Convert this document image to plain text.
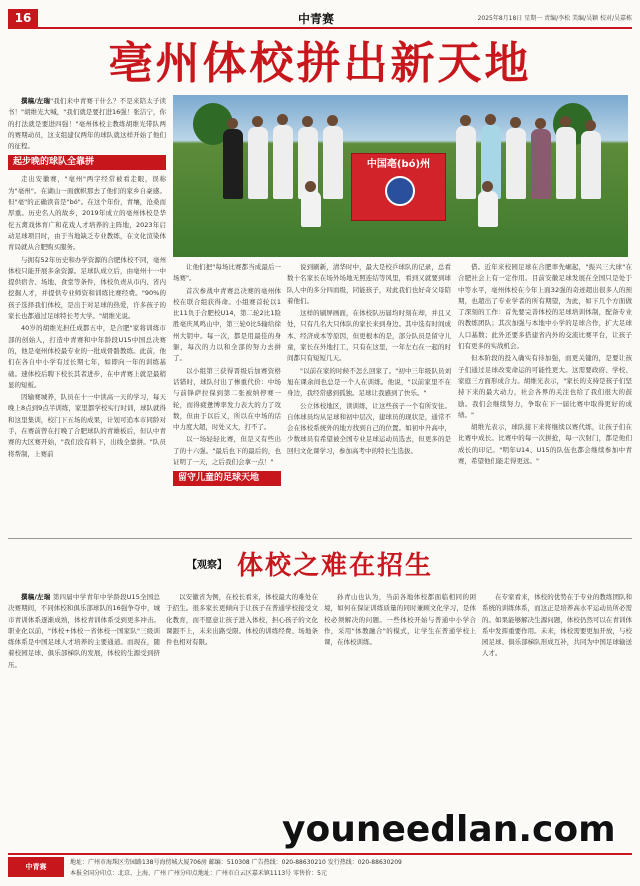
16	中青赛	2025年8月18日 星期一 责编/李松 美编/吴颖 校对/吴嘉栋
亳州体校拼出新天地

撰稿/左瑞"我们来中青赛干什么？不是来陪太子读书！"胡维光大喊，"我们就是要打进16强！张洁宁，你的打法就是要进四强！"亳州体校主教练胡维光带队两的赛期动员，这支组建仅两年的球队就这样开始了他们的征程。

起步晚的球队全靠拼

走出安徽赛，"亳州"两字经常被看走眼，误称为"亳州"。在湖山一面旗帜那去了他们的家乡自豪感。但"亳"的正确读音是"bó"。在这个年份，青壤，沧桑而厚重。历史名人的故乡，2019年成立的亳州体校是华佗五禽戏体育广和花戏人才培养的主阵地，2023年启动足球项目时，由于当地缺乏专业教练，在文化渲染体育局就从合肥购买服务。

与拥有52年历史和办学资源的合肥体校不同，亳州体校只能开展多余资源。足球队成立后，由亳州十一中提供宿舍、场地、食堂等条件，体校负责从市内、省内挖掘人才，并提供专业师资和训练比赛经费。"90%的孩子选择我们体校，是出于对足球的热爱，许多孩子的家长也都通过足球特长考大学。"胡维光说。

40岁的胡维光担任成都五中，是合肥"家将训练市部的创始人，打造中青赛和中年龄段U15中国总决赛的，他是亳州体校最专业的一批成骨骼教练。此前，他们在各自中小学有过长期七年，如即向一年的训练基础。速体校后聘下校长其者进步，在中青赛上就是最稍显的短板。

因输赛城养，队员在十一中读高一天的学习，每天晚上8点到9点半训练，家里都学校实行时训，球队就得和这里集训，校门下五场的成果，计划可追本市同龄对手，在赛前曾在打晚了合肥球队的青雄板后，但认中青赛的大区赛开始，"我们没有料下，出线全靠拼。"队员将帮制，上赛前

中国亳(bó)州

让他们把"每场比赛都当成最后一场赛"。

首次参战中青赛总决赛的亳州体校在联合组获得命。小组赛首轮以1比11负于合肥校U14，第二轮2比1险胜亳庆风鸣山中，第三轮0比5输给徐州大钥中。每一次，都是用最佳的身躯，每次的力以和全部的努力去拼了。

以小组第三获得晋级后加赛资格话错时，球队付出了惨重代价：中场与前锋萨拉保到第二张被纳停赛一轮，而得疲惫博率发力表大的力了攻数，但由于以后又，所以在中场的话中力度大超，时处又大，打不了。

以一场轻轻比赛，但是又有些出了的十六强。"最后也下的最后的，也证明了一天，之后我们会拿一点！"

留守儿童的足球天地

说到刷新，清华时中，最大是校乒球队的记录，总看数十名家长在场外场地无照连结等风里，看到又就要到球队人中的多分四而级，同能孩子，对此我们也好奇父母陪着他们。

这样的刷屏画面，在体校队历届均时刻在却，并且又处，只有几名大只体队的家长来到身边。其中选有时间成本、经济成本等原因，但更根本的是，部分队员是留守儿童，家长在外地打工，只有在这里，一年左右在一起的时间都只有短短几天。

"以前在家的时候不怎么回家了。"初中三年级队员刘旭在课余间也总是一个人在训练。他说，"以前家里不在身边，我经常感到孤独。足球让我感到了快乐。"

公立体校地区，读训练，让这些孩子一个有所安住。自体球员均从足球和初中层次，建球员的现状是，通常不会在体校系统外的地方找到自己的位置。如初中升高中，少数球员有希望被全国专业足球运动员选去，但更多的是回归文化课学习，参加高考中的特长生选拔。

借。近年来校园足球在合肥率先崛起，"振兴三大球"在合肥社会上有一定作用。目前安徽足球发展在全国只是处于中等水平，亳州体校在今年上面32强的奇迹超出很多人的预期，也超出了专业学者的所有期望，为此，如下几个方面做了深刻的工作：首先要完善体校的足球培训体制，配备专业的教练团队；其次加强与本地中小学的足球合作，扩大足球人口基数；此外还要多搭建省内外的交流比赛平台，让孩子们有更多的实战机会。

但本阶段的投入确实有待加强，而更关键的，是要让孩子们通过足球改变命运的可能性更大。这需要政府、学校、家庭三方面形成合力。胡维光表示，"家长的支持是孩子们坚持下来的最大动力，社会各界的关注也给了我们很大的鼓励。我们会继续努力，争取在下一届比赛中取得更好的成绩。"

胡维光表示，球队接下来将继续以赛代练，让孩子们在比赛中成长。比赛中的每一次拼抢，每一次射门，都是他们成长的印记。"明年U14、U15的队伍也都会继续参加中青赛，希望他们能走得更远。"

【观察】 体校之难在招生

撰稿/左瑞 第四届中学青年中学龄段U15全国总决赛期间，不同体校和俱乐部球队的16强争夺中，城市青训体系逐渐成熟，体校青训体系受到更多冲击。职业化以前，"体校+体校一省体校一国家队"三级训练体系是中国足球人才培养的主要通道。而现在，随着校园足球、俱乐部梯队的发展，体校的生源受到挤压。

以安徽省为例，在校长看来，体校最大的难处在于招生。很多家长更倾向于让孩子在普通学校接受文化教育，而不愿意让孩子进入体校，担心孩子的文化课跟不上，未来出路受限。体校的训练经费、场地条件也相对有限。

孙青山也认为，当前各地体校都面临相同的困境，如何在保证训练质量的同时兼顾文化学习，是体校必须解决的问题。一些体校开始与普通中小学合作，采用"体教融合"的模式，让学生在普通学校上课，在体校训练。

在专家看来，体校的优势在于专业的教练团队和系统的训练体系，而这正是培养高水平运动员所必需的。如果能够解决生源问题，体校仍然可以在青训体系中发挥重要作用。未来，体校需要更加开放，与校园足球、俱乐部梯队形成互补，共同为中国足球输送人才。

youneedlan.com
中青赛
地址：广州市海珠区劳园路138号海傍城大厦706房 邮编：510308 广告热线：020-88630210 发行热线：020-88630209
本报全国分印点：北京、上海、广州 广州分印点地址：广州市白云区嘉禾镇1113号 零售价：5元
